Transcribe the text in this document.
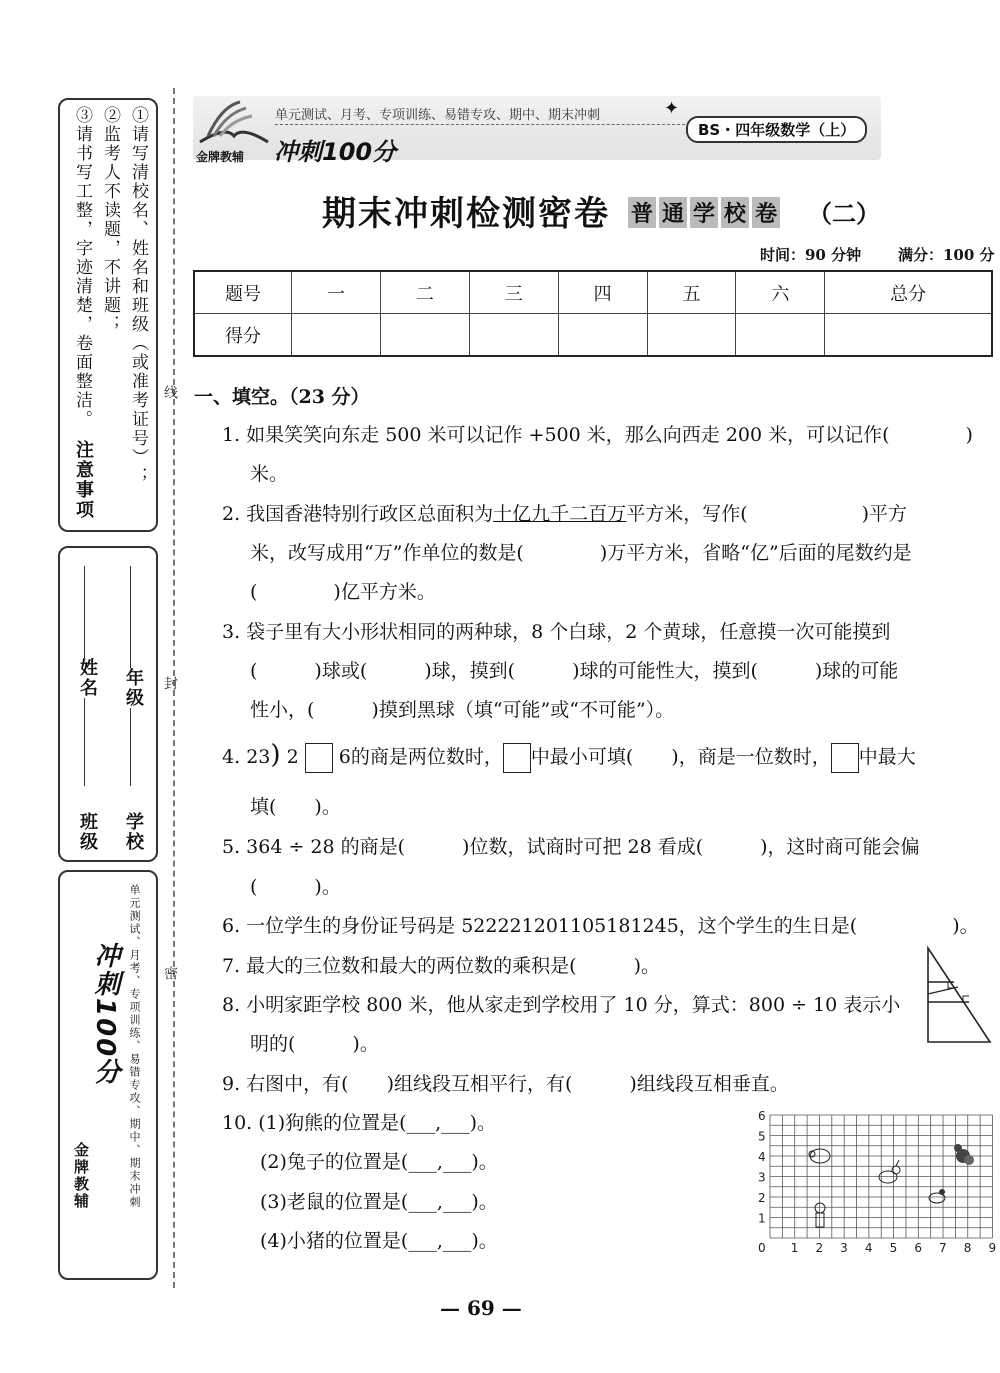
①请写清校名、姓名和班级（或准考证号）；
②监考人不读题，不讲题；
③请书写工整，字迹清楚，卷面整洁。
注意事项
学校
年级
班级
姓名
单元测试、月考、专项训练、易错专攻、期中、期末冲刺
冲刺100分
金牌教辅
线
封
密
金牌教辅
单元测试、月考、专项训练、易错专攻、期中、期末冲刺	✦
冲刺100分
BS・四年级数学（上）
期末冲刺检测密卷 普 通 学 校 卷 （二）
时间：90 分钟 满分：100 分
题号	一	二	三	四	五	六	总分
得分							
一、填空。（23 分）
1. 如果笑笑向东走 500 米可以记作 +500 米，那么向西走 200 米，可以记作(　　　　)
米。
2. 我国香港特别行政区总面积为十亿九千二百万平方米，写作(　　　　　　)平方
米，改写成用“万”作单位的数是(　　　　)万平方米，省略“亿”后面的尾数约是
(　　　　)亿平方米。
3. 袋子里有大小形状相同的两种球，8 个白球，2 个黄球，任意摸一次可能摸到
(　　　)球或(　　　)球，摸到(　　　)球的可能性大，摸到(　　　)球的可能
性小，(　　　)摸到黑球（填“可能”或“不可能”）。
4. 23) 2 6的商是两位数时， 中最小可填(　　)，商是一位数时， 中最大
填(　　)。
5. 364 ÷ 28 的商是(　　　)位数，试商时可把 28 看成(　　　)，这时商可能会偏
(　　　)。
6. 一位学生的身份证号码是 522221201105181245，这个学生的生日是(　　　　　)。
7. 最大的三位数和最大的两位数的乘积是(　　　)。
8. 小明家距学校 800 米，他从家走到学校用了 10 分，算式：800 ÷ 10 表示小
明的(　　　)。
9. 右图中，有(　　)组线段互相平行，有(　　　)组线段互相垂直。
10. (1)狗熊的位置是(___,___)。
(2)兔子的位置是(___,___)。
(3)老鼠的位置是(___,___)。
(4)小猪的位置是(___,___)。	0 1 2 3 4 5 6 7 8 9
1
2
3
4
5
6
— 69 —
